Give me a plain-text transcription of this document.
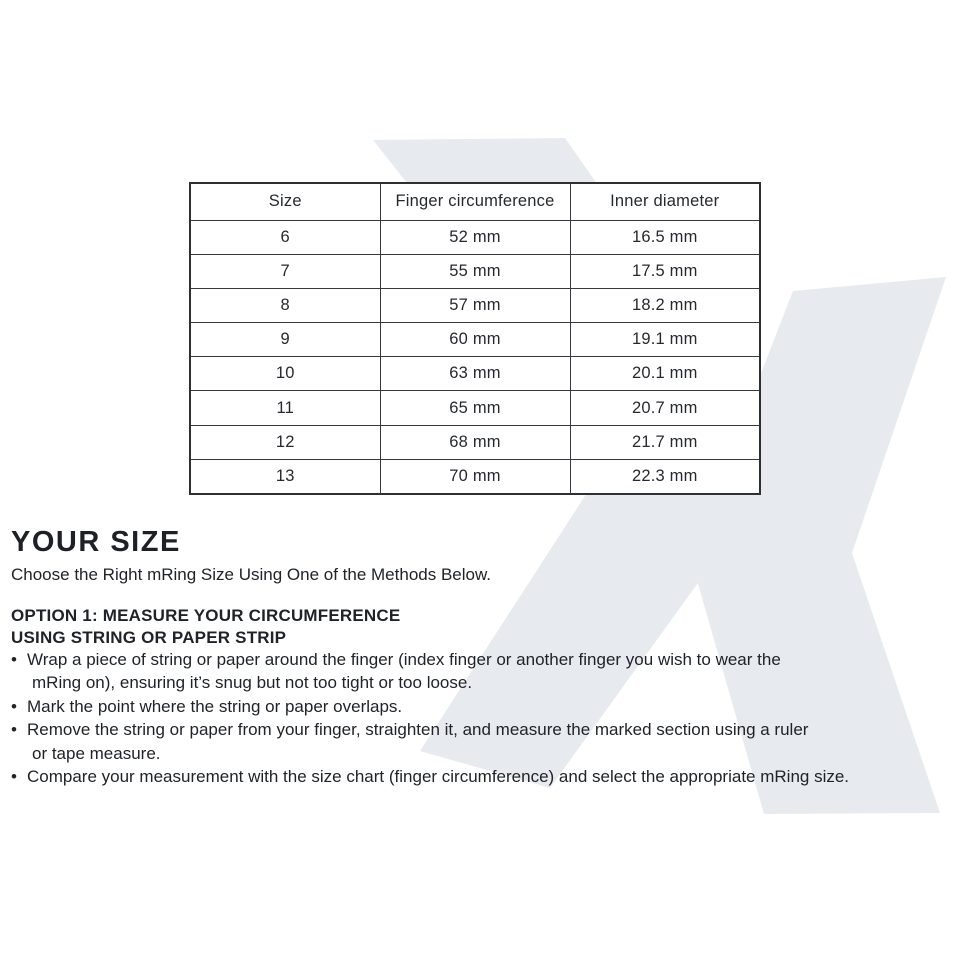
Size	Finger circumference	Inner diameter
6	52 mm	16.5 mm
7	55 mm	17.5 mm
8	57 mm	18.2 mm
9	60 mm	19.1 mm
10	63 mm	20.1 mm
11	65 mm	20.7 mm
12	68 mm	21.7 mm
13	70 mm	22.3 mm
YOUR SIZE
Choose the Right mRing Size Using One of the Methods Below.
OPTION 1: MEASURE YOUR CIRCUMFERENCE
USING STRING OR PAPER STRIP
• Wrap a piece of string or paper around the finger (index finger or another finger you wish to wear the
mRing on), ensuring it’s snug but not too tight or too loose.
• Mark the point where the string or paper overlaps.
• Remove the string or paper from your finger, straighten it, and measure the marked section using a ruler
or tape measure.
• Compare your measurement with the size chart (finger circumference) and select the appropriate mRing size.
